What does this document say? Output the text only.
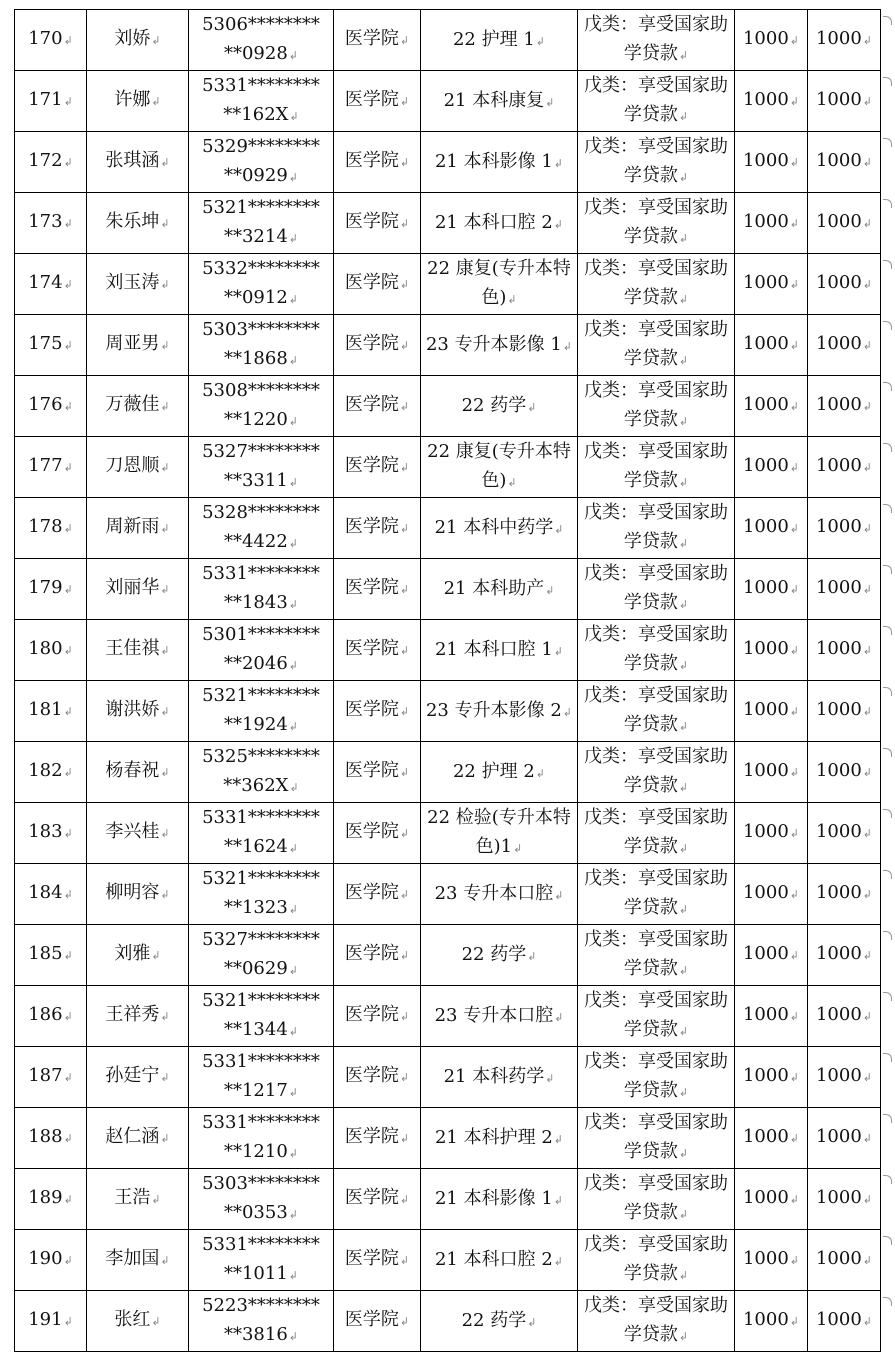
170↲	刘娇↲	5306********
**0928↲	医学院↲	22 护理 1↲	戊类：享受国家助学贷款↲	1000↲	1000↲
171↲	许娜↲	5331********
**162X↲	医学院↲	21 本科康复↲	戊类：享受国家助学贷款↲	1000↲	1000↲
172↲	张琪涵↲	5329********
**0929↲	医学院↲	21 本科影像 1↲	戊类：享受国家助学贷款↲	1000↲	1000↲
173↲	朱乐坤↲	5321********
**3214↲	医学院↲	21 本科口腔 2↲	戊类：享受国家助学贷款↲	1000↲	1000↲
174↲	刘玉涛↲	5332********
**0912↲	医学院↲	22 康复(专升本特色)↲	戊类：享受国家助学贷款↲	1000↲	1000↲
175↲	周亚男↲	5303********
**1868↲	医学院↲	23 专升本影像 1↲	戊类：享受国家助学贷款↲	1000↲	1000↲
176↲	万薇佳↲	5308********
**1220↲	医学院↲	22 药学↲	戊类：享受国家助学贷款↲	1000↲	1000↲
177↲	刀恩顺↲	5327********
**3311↲	医学院↲	22 康复(专升本特色)↲	戊类：享受国家助学贷款↲	1000↲	1000↲
178↲	周新雨↲	5328********
**4422↲	医学院↲	21 本科中药学↲	戊类：享受国家助学贷款↲	1000↲	1000↲
179↲	刘丽华↲	5331********
**1843↲	医学院↲	21 本科助产↲	戊类：享受国家助学贷款↲	1000↲	1000↲
180↲	王佳祺↲	5301********
**2046↲	医学院↲	21 本科口腔 1↲	戊类：享受国家助学贷款↲	1000↲	1000↲
181↲	谢洪娇↲	5321********
**1924↲	医学院↲	23 专升本影像 2↲	戊类：享受国家助学贷款↲	1000↲	1000↲
182↲	杨春祝↲	5325********
**362X↲	医学院↲	22 护理 2↲	戊类：享受国家助学贷款↲	1000↲	1000↲
183↲	李兴桂↲	5331********
**1624↲	医学院↲	22 检验(专升本特色)1↲	戊类：享受国家助学贷款↲	1000↲	1000↲
184↲	柳明容↲	5321********
**1323↲	医学院↲	23 专升本口腔↲	戊类：享受国家助学贷款↲	1000↲	1000↲
185↲	刘雅↲	5327********
**0629↲	医学院↲	22 药学↲	戊类：享受国家助学贷款↲	1000↲	1000↲
186↲	王祥秀↲	5321********
**1344↲	医学院↲	23 专升本口腔↲	戊类：享受国家助学贷款↲	1000↲	1000↲
187↲	孙廷宁↲	5331********
**1217↲	医学院↲	21 本科药学↲	戊类：享受国家助学贷款↲	1000↲	1000↲
188↲	赵仁涵↲	5331********
**1210↲	医学院↲	21 本科护理 2↲	戊类：享受国家助学贷款↲	1000↲	1000↲
189↲	王浩↲	5303********
**0353↲	医学院↲	21 本科影像 1↲	戊类：享受国家助学贷款↲	1000↲	1000↲
190↲	李加国↲	5331********
**1011↲	医学院↲	21 本科口腔 2↲	戊类：享受国家助学贷款↲	1000↲	1000↲
191↲	张红↲	5223********
**3816↲	医学院↲	22 药学↲	戊类：享受国家助学贷款↲	1000↲	1000↲
